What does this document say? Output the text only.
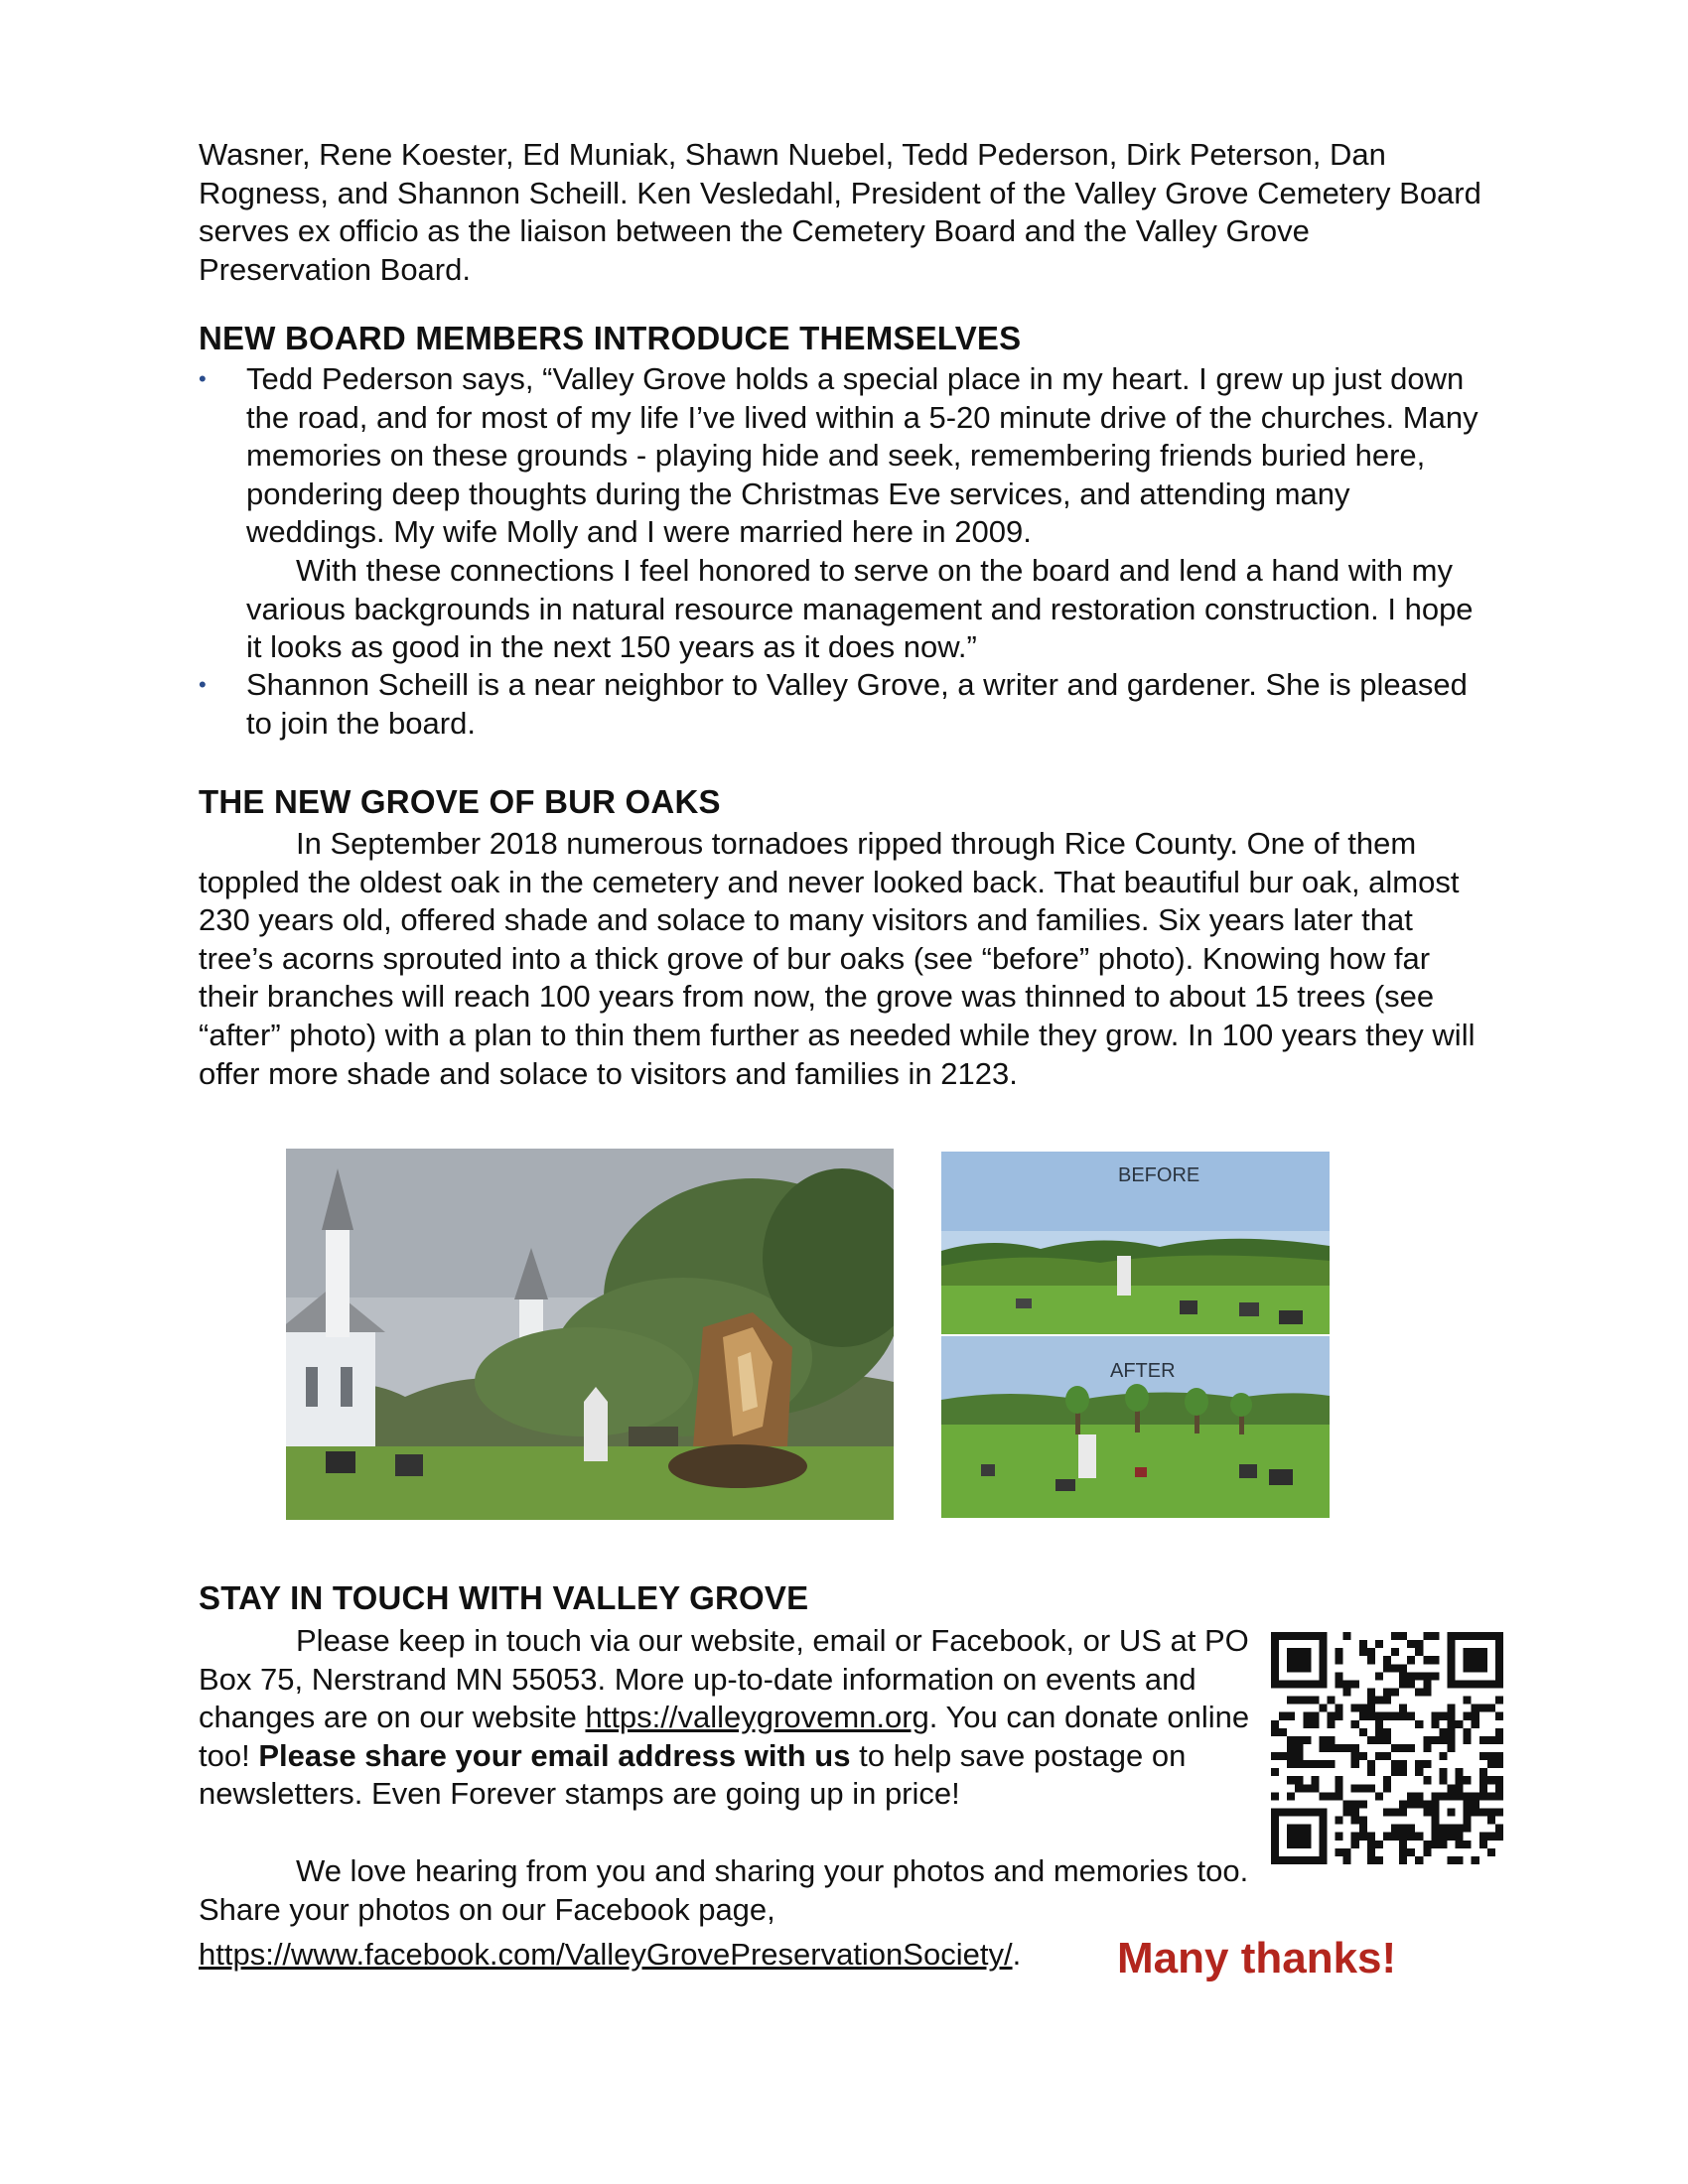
Wasner, Rene Koester, Ed Muniak, Shawn Nuebel, Tedd Pederson, Dirk Peterson, Dan Rogness, and Shannon Scheill. Ken Vesledahl, President of the Valley Grove Cemetery Board serves ex officio as the liaison between the Cemetery Board and the Valley Grove Preservation Board.

NEW BOARD MEMBERS INTRODUCE THEMSELVES
•	Tedd Pederson says, “Valley Grove holds a special place in my heart. I grew up just down the road, and for most of my life I’ve lived within a 5-20 minute drive of the churches. Many memories on these grounds - playing hide and seek, remembering friends buried here, pondering deep thoughts during the Christmas Eve services, and attending many weddings. My wife Molly and I were married here in 2009.
With these connections I feel honored to serve on the board and lend a hand with my various backgrounds in natural resource management and restoration construction. I hope it looks as good in the next 150 years as it does now.”
•	Shannon Scheill is a near neighbor to Valley Grove, a writer and gardener. She is pleased to join the board.
THE NEW GROVE OF BUR OAKS

In September 2018 numerous tornadoes ripped through Rice County. One of them toppled the oldest oak in the cemetery and never looked back. That beautiful bur oak, almost 230 years old, offered shade and solace to many visitors and families. Six years later that tree’s acorns sprouted into a thick grove of bur oaks (see “before” photo). Knowing how far their branches will reach 100 years from now, the grove was thinned to about 15 trees (see “after” photo) with a plan to thin them further as needed while they grow. In 100 years they will offer more shade and solace to visitors and families in 2123.

BEFORE
AFTER
STAY IN TOUCH WITH VALLEY GROVE

Please keep in touch via our website, email or Facebook, or US at PO Box 75, Nerstrand MN 55053. More up-to-date information on events and changes are on our website https://valleygrovemn.org. You can donate online too! Please share your email address with us to help save postage on newsletters. Even Forever stamps are going up in price!

We love hearing from you and sharing your photos and memories too. Share your photos on our Facebook page,

https://www.facebook.com/ValleyGrovePreservationSociety/.	Many thanks!
